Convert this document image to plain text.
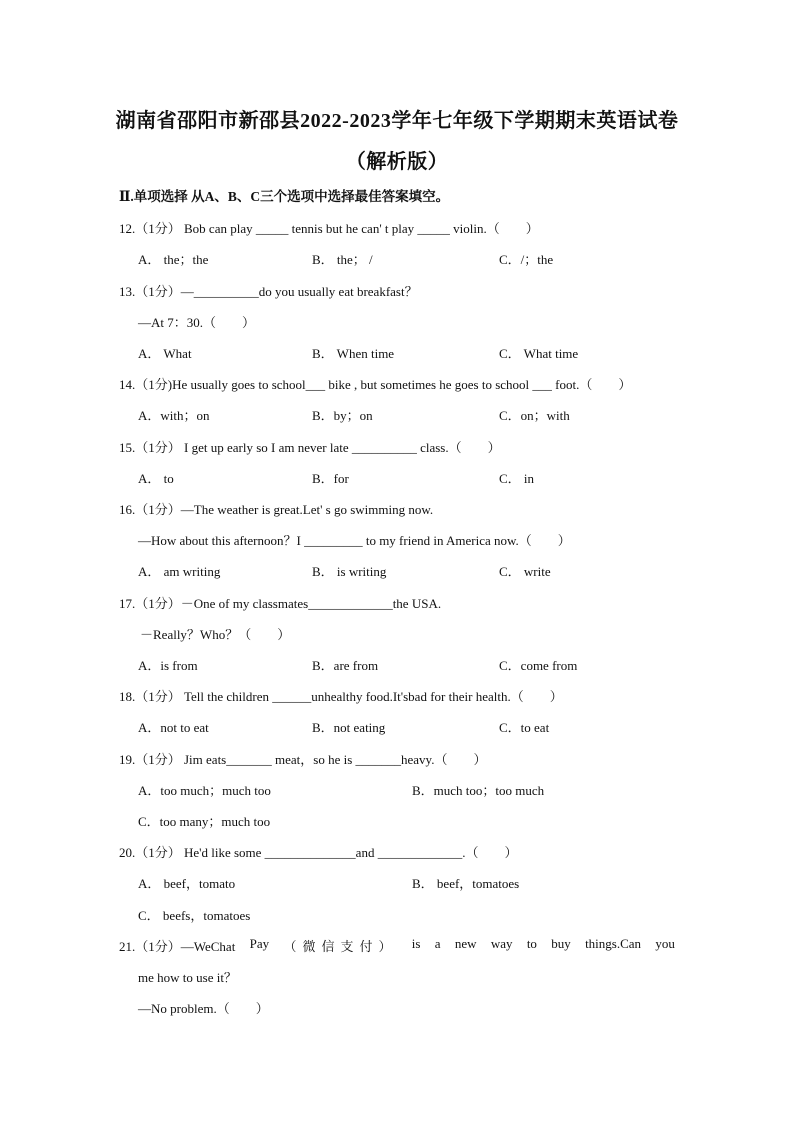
湖南省邵阳市新邵县2022-2023学年七年级下学期期末英语试卷
（解析版）
Ⅱ.单项选择 从A、B、C三个选项中选择最佳答案填空。
12.（1分） Bob can play _____ tennis but he can' t play _____ violin.（　　）
A． the；the	B． the； /	C．/；the
13.（1分）—__________do you usually eat breakfast？
—At 7：30.（　　）
A． What	B． When time	C． What time
14.（1分)He usually goes to school___ bike , but sometimes he goes to school ___ foot.（　　）
A．with；on	B．by；on	C．on；with
15.（1分） I get up early so I am never late __________ class.（　　）
A． to	B．for	C． in
16.（1分）—The weather is great.Let' s go swimming now.
—How about this afternoon？I _________ to my friend in America now.（　　）
A． am writing	B． is writing	C． write
17.（1分）－One of my classmates_____________the USA.
－Really？Who？（　　）
A．is from	B．are from	C．come from
18.（1分） Tell the children ______unhealthy food.It'sbad for their health.（　　）
A．not to eat	B．not eating	C．to eat
19.（1分） Jim eats_______ meat，so he is _______heavy.（　　）
A．too much；much too	B．much too；too much
C．too many；much too
20.（1分） He'd like some ______________and _____________.（　　）
A． beef，tomato	B． beef，tomatoes
C． beefs，tomatoes
21.（1分）—WeChat Pay （微信支付） is a new way to buy things.Can you
me how to use it？
—No problem.（　　）
